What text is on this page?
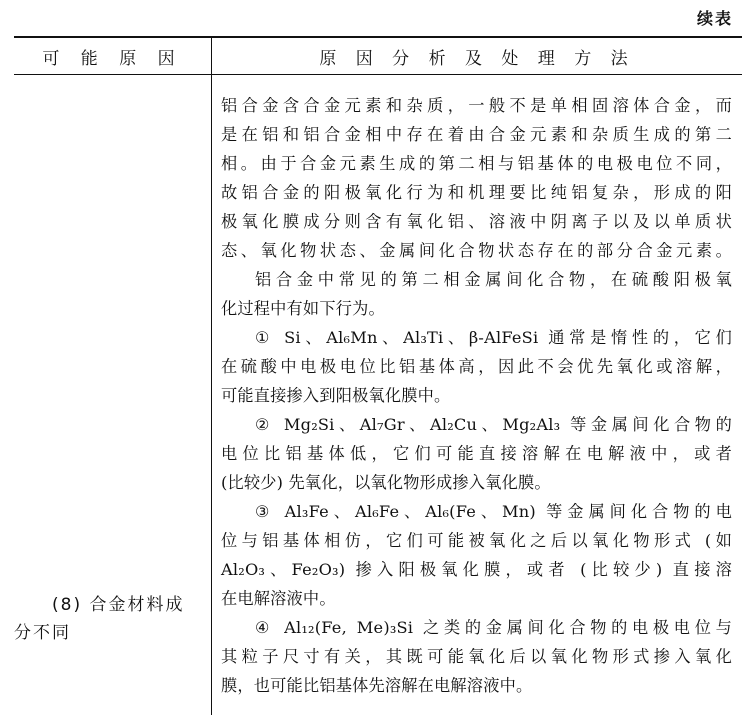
续表
可 能 原 因	原 因 分 析 及 处 理 方 法
(8) 合金材料成
分不同

铝合金含合金元素和杂质，一般不是单相固溶体合金，而

是在铝和铝合金相中存在着由合金元素和杂质生成的第二

相。由于合金元素生成的第二相与铝基体的电极电位不同，

故铝合金的阳极氧化行为和机理要比纯铝复杂，形成的阳

极氧化膜成分则含有氧化铝、溶液中阴离子以及以单质状

态、氧化物状态、金属间化合物状态存在的部分合金元素。

铝合金中常见的第二相金属间化合物，在硫酸阳极氧

化过程中有如下行为。

① Si、Al₆Mn、Al₃Ti、β-AlFeSi 通常是惰性的，它们

在硫酸中电极电位比铝基体高，因此不会优先氧化或溶解，

可能直接掺入到阳极氧化膜中。

② Mg₂Si、Al₇Gr、Al₂Cu、Mg₂Al₃ 等金属间化合物的

电位比铝基体低，它们可能直接溶解在电解液中，或者

(比较少) 先氧化，以氧化物形成掺入氧化膜。

③ Al₃Fe、Al₆Fe、Al₆(Fe、Mn) 等金属间化合物的电

位与铝基体相仿，它们可能被氧化之后以氧化物形式 (如

Al₂O₃、Fe₂O₃) 掺入阳极氧化膜，或者 (比较少) 直接溶

在电解溶液中。

④ Al₁₂(Fe, Me)₃Si 之类的金属间化合物的电极电位与

其粒子尺寸有关，其既可能氧化后以氧化物形式掺入氧化

膜，也可能比铝基体先溶解在电解溶液中。
